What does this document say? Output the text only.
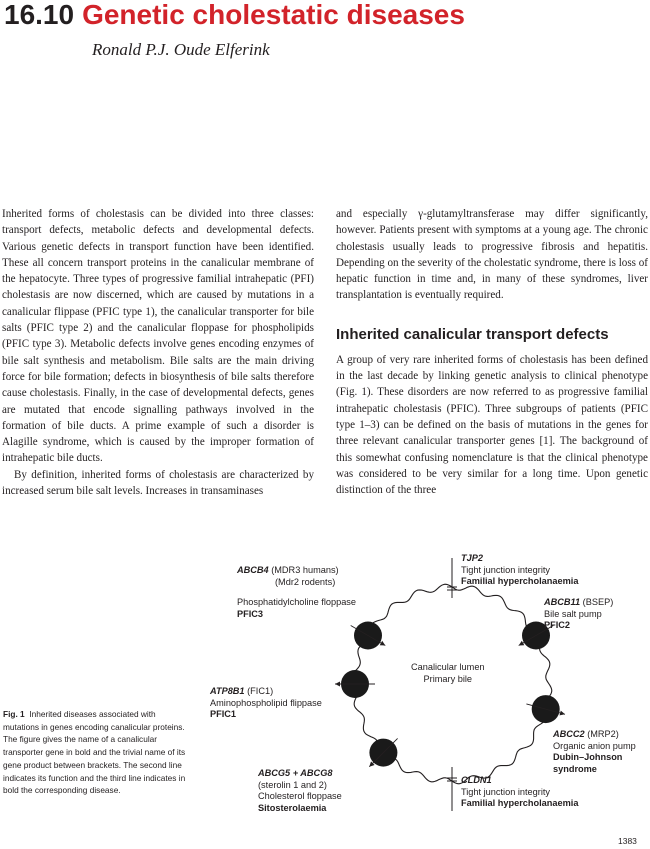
16.10 Genetic cholestatic diseases

Ronald P.J. Oude Elferink

Inherited forms of cholestasis can be divided into three classes: transport defects, metabolic defects and developmental defects. Various genetic defects in transport function have been identified. These all concern transport proteins in the canalicular membrane of the hepatocyte. Three types of progressive familial intrahepatic (PFI) cholestasis are now discerned, which are caused by mutations in a canalicular flippase (PFIC type 1), the canalicular transporter for bile salts (PFIC type 2) and the canalicular floppase for phospholipids (PFIC type 3). Metabolic defects involve genes encoding enzymes of bile salt synthesis and metabolism. Bile salts are the main driving force for bile formation; defects in biosynthesis of bile salts therefore cause cholestasis. Finally, in the case of developmental defects, genes are mutated that encode signalling pathways involved in the formation of bile ducts. A prime example of such a disorder is Alagille syndrome, which is caused by the improper formation of intrahepatic bile ducts.

By definition, inherited forms of cholestasis are characterized by increased serum bile salt levels. Increases in transaminases

and especially γ-glutamyltransferase may differ significantly, however. Patients present with symptoms at a young age. The chronic cholestasis usually leads to progressive fibrosis and hepatitis. Depending on the severity of the cholestatic syndrome, there is loss of hepatic function in time and, in many of these syndromes, liver transplantation is eventually required.

Inherited canalicular transport defects

A group of very rare inherited forms of cholestasis has been defined in the last decade by linking genetic analysis to clinical phenotype (Fig. 1). These disorders are now referred to as progressive familial intrahepatic cholestasis (PFIC). Three subgroups of patients (PFIC type 1–3) can be defined on the basis of mutations in the genes for three relevant canalicular transporter genes [1]. The background of this somewhat confusing nomenclature is that the clinical phenotype was considered to be very similar for a long time. Upon genetic distinction of the three

Fig. 1 Inherited diseases associated with mutations in genes encoding canalicular proteins. The figure gives the name of a canalicular transporter gene in bold and the trivial name of its gene product between brackets. The second line indicates its function and the third line indicates in bold the corresponding disease.

Canalicular lumen
Primary bile
ABCB4 (MDR3 humans)
(Mdr2 rodents)
Phosphatidylcholine floppase
PFIC3
TJP2
Tight junction integrity
Familial hypercholanaemia
ABCB11 (BSEP)
Bile salt pump
PFIC2
ATP8B1 (FIC1)
Aminophospholipid flippase
PFIC1
ABCC2 (MRP2)
Organic anion pump
Dubin–Johnson
syndrome
ABCG5 + ABCG8
(sterolin 1 and 2)
Cholesterol floppase
Sitosterolaemia
CLDN1
Tight junction integrity
Familial hypercholanaemia
1383
